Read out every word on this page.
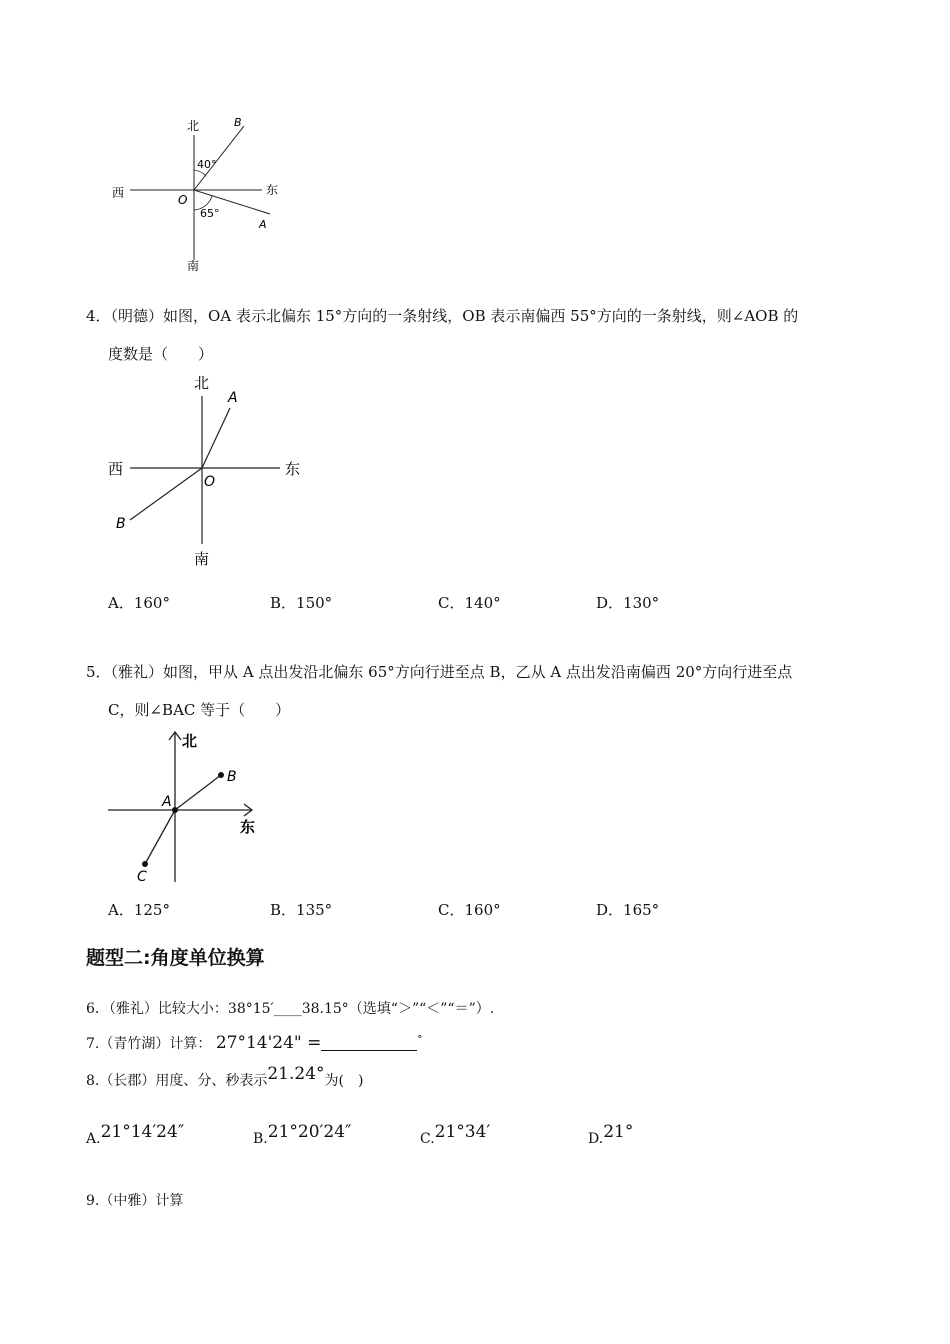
北
南
东
西	O
B
A
40°
65°
4．（明德）如图，OA 表示北偏东 15°方向的一条射线，OB 表示南偏西 55°方向的一条射线，则∠AOB 的
度数是（　　）
北
南
东
西
O
A
B
A．160°	B．150°	C．140°	D．130°
5．（雅礼）如图，甲从 A 点出发沿北偏东 65°方向行进至点 B，乙从 A 点出发沿南偏西 20°方向行进至点
C，则∠BAC 等于（　　）
北
东
A
B
C
A．125°	B．135°	C．160°	D．165°
题型二:角度单位换算
6．（雅礼）比较大小：38°15′____38.15°（选填“＞”“＜”“＝”）.
7.（青竹湖）计算： 27°14'24" =	°
8.（长郡）用度、分、秒表示21.24°为(　)
A.21°14′24″	B.21°20′24″	C.21°34′	D.21°
9.（中雅）计算
